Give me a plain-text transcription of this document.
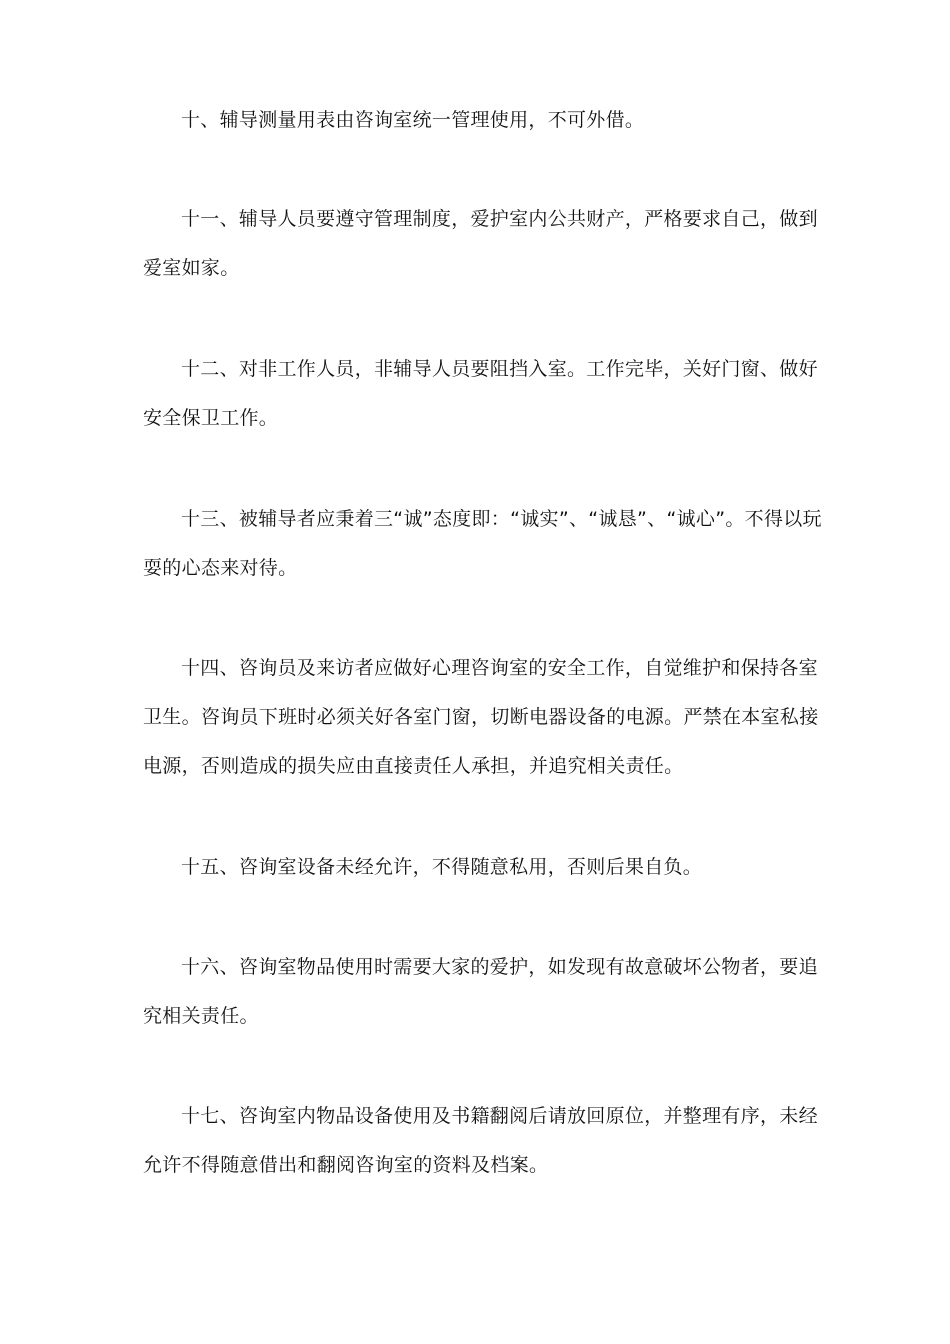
十、辅导测量用表由咨询室统一管理使用，不可外借。

十一、辅导人员要遵守管理制度，爱护室内公共财产，严格要求自己，做到爱室如家。

十二、对非工作人员，非辅导人员要阻挡入室。工作完毕，关好门窗、做好安全保卫工作。

十三、被辅导者应秉着三“诚”态度即：“诚实”、“诚恳”、“诚心”。不得以玩耍的心态来对待。

十四、咨询员及来访者应做好心理咨询室的安全工作，自觉维护和保持各室卫生。咨询员下班时必须关好各室门窗，切断电器设备的电源。严禁在本室私接电源，否则造成的损失应由直接责任人承担，并追究相关责任。

十五、咨询室设备未经允许，不得随意私用，否则后果自负。

十六、咨询室物品使用时需要大家的爱护，如发现有故意破坏公物者，要追究相关责任。

十七、咨询室内物品设备使用及书籍翻阅后请放回原位，并整理有序，未经允许不得随意借出和翻阅咨询室的资料及档案。
